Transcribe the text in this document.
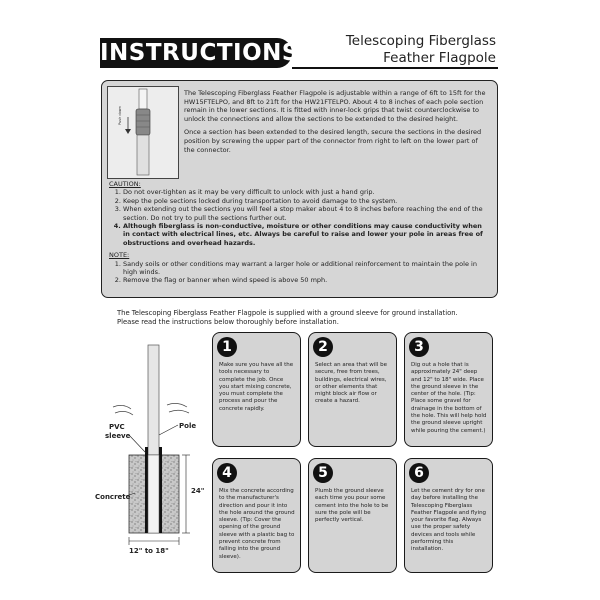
INSTRUCTIONS	Telescoping Fiberglass
Feather Flagpole
Push down

The Telescoping Fiberglass Feather Flagpole is adjustable within a range of 6ft to 15ft for the HW15FTELPO, and 8ft to 21ft for the HW21FTELPO. About 4 to 8 inches of each pole section remain in the lower sections. It is fitted with inner-lock grips that twist counterclockwise to unlock the connections and allow the sections to be extended to the desired height.

Once a section has been extended to the desired length, secure the sections in the desired position by screwing the upper part of the connector from right to left on the lower part of the connector.

CAUTION:

1. Do not over-tighten as it may be very difficult to unlock with just a hand grip.
2. Keep the pole sections locked during transportation to avoid damage to the system.
3. When extending out the sections you will feel a stop maker about 4 to 8 inches before reaching the end of the section. Do not try to pull the sections further out.
4. Although fiberglass is non-conductive, moisture or other conditions may cause conductivity when in contact with electrical lines, etc. Always be careful to raise and lower your pole in areas free of obstructions and overhead hazards.

NOTE:

1. Sandy soils or other conditions may warrant a larger hole or additional reinforcement to maintain the pole in high winds.
2. Remove the flag or banner when wind speed is above 50 mph.
The Telescoping Fiberglass Feather Flagpole is supplied with a ground sleeve for ground installation.
Please read the instructions below thoroughly before installation.
PVC
sleeve
Pole
Concrete
24"
12" to 18"
1
Make sure you have all the tools necessary to complete the job. Once you start mixing concrete, you must complete the process and pour the concrete rapidly.
2
Select an area that will be secure, free from trees, buildings, electrical wires, or other elements that might block air flow or create a hazard.
3
Dig out a hole that is approximately 24" deep and 12" to 18" wide. Place the ground sleeve in the center of the hole. (Tip: Place some gravel for drainage in the bottom of the hole. This will help hold the ground sleeve upright while pouring the cement.)
4
Mix the concrete according to the manufacturer's direction and pour it into the hole around the ground sleeve. (Tip: Cover the opening of the ground sleeve with a plastic bag to prevent concrete from falling into the ground sleeve).
5
Plumb the ground sleeve each time you pour some cement into the hole to be sure the pole will be perfectly vertical.
6
Let the cement dry for one day before installing the Telescoping Fiberglass Feather Flagpole and flying your favorite flag. Always use the proper safety devices and tools while performing this installation.
